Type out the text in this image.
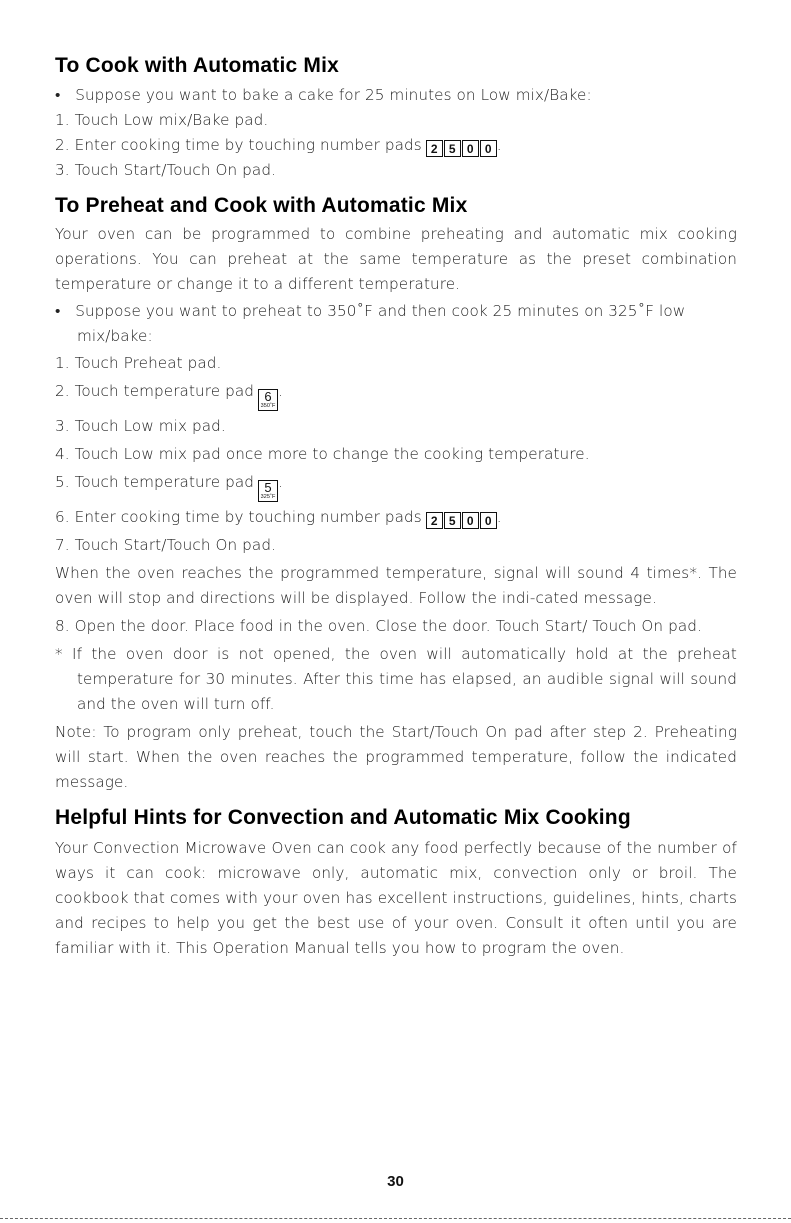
To Cook with Automatic Mix

•   Suppose you want to bake a cake for 25 minutes on Low mix/Bake:

1. Touch Low mix/Bake pad.

2. Enter cooking time by touching number pads 2 5 0 0 .

3. Touch Start/Touch On pad.

To Preheat and Cook with Automatic Mix

Your oven can be programmed to combine preheating and automatic mix cooking operations. You can preheat at the same temperature as the preset combination temperature or change it to a different temperature.

•   Suppose you want to preheat to 350˚F and then cook 25 minutes on 325˚F low mix/bake:

1. Touch Preheat pad.

2. Touch temperature pad 6
350˚F
.

3. Touch Low mix pad.

4. Touch Low mix pad once more to change the cooking temperature.

5. Touch temperature pad 5
325˚F
.

6. Enter cooking time by touching number pads 2 5 0 0 .

7. Touch Start/Touch On pad.

When the oven reaches the programmed temperature, signal will sound 4 times*. The oven will stop and directions will be displayed. Follow the indi-cated message.

8. Open the door. Place food in the oven. Close the door. Touch Start/ Touch On pad.

* If the oven door is not opened, the oven will automatically hold at the preheat temperature for 30 minutes. After this time has elapsed, an audible signal will sound and the oven will turn off.

Note: To program only preheat, touch the Start/Touch On pad after step 2. Preheating will start. When the oven reaches the programmed temperature, follow the indicated message.

Helpful Hints for Convection and Automatic Mix Cooking

Your Convection Microwave Oven can cook any food perfectly because of the number of ways it can cook: microwave only, automatic mix, convection only or broil. The cookbook that comes with your oven has excellent instructions, guidelines, hints, charts and recipes to help you get the best use of your oven. Consult it often until you are familiar with it. This Operation Manual tells you how to program the oven.

30
